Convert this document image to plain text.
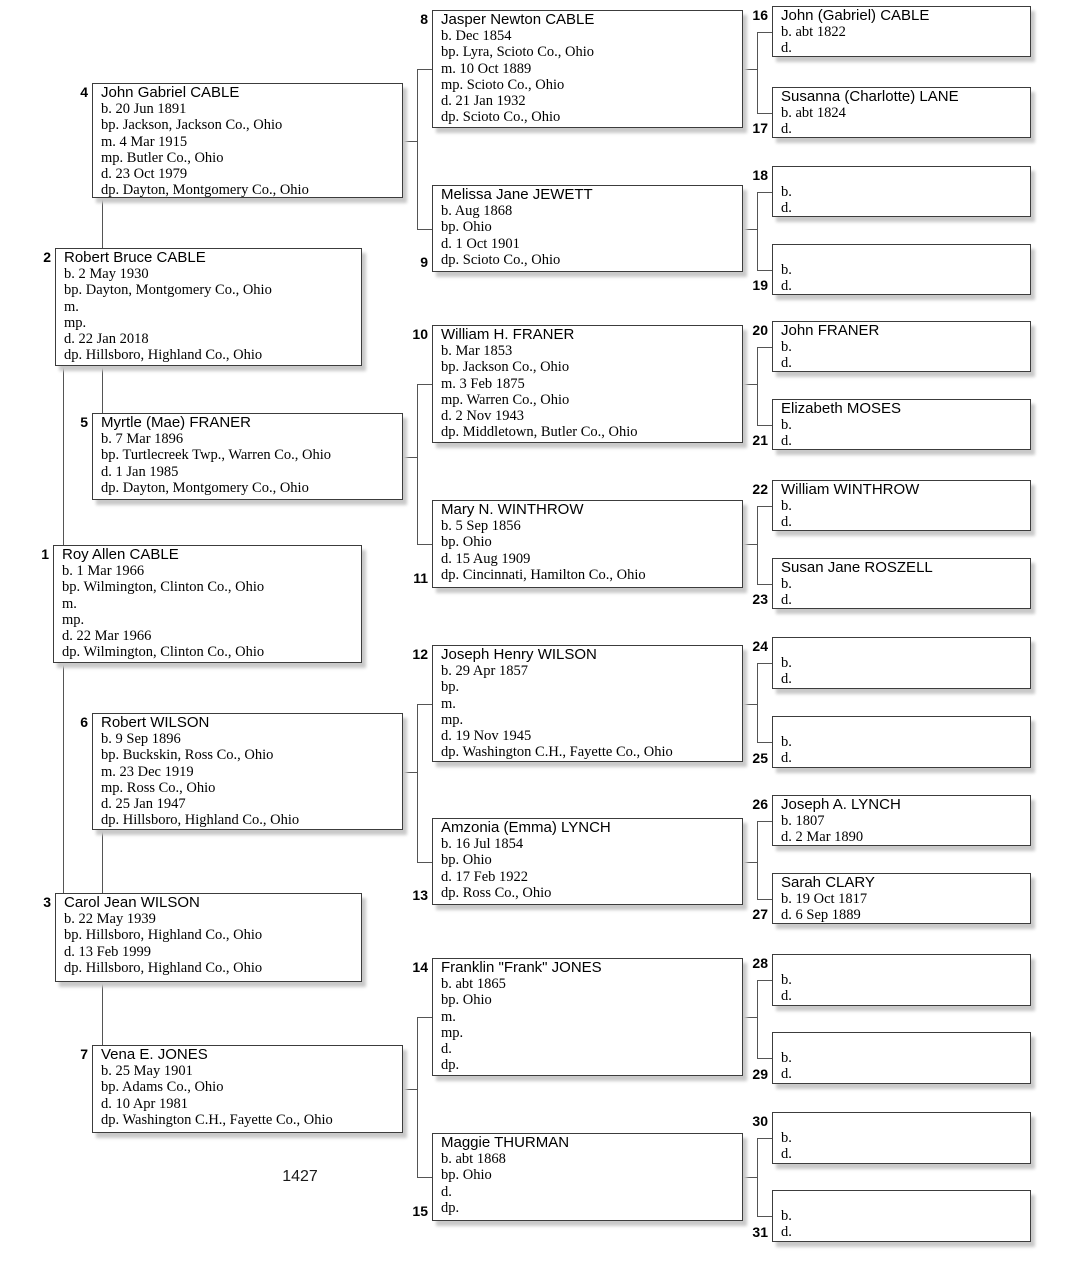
1427
Roy Allen CABLE
b. 1 Mar 1966
bp. Wilmington, Clinton Co., Ohio
m.
mp.
d. 22 Mar 1966
dp. Wilmington, Clinton Co., Ohio
1
Robert Bruce CABLE
b. 2 May 1930
bp. Dayton, Montgomery Co., Ohio
m.
mp.
d. 22 Jan 2018
dp. Hillsboro, Highland Co., Ohio
2
Carol Jean WILSON
b. 22 May 1939
bp. Hillsboro, Highland Co., Ohio
d. 13 Feb 1999
dp. Hillsboro, Highland Co., Ohio
3
John Gabriel CABLE
b. 20 Jun 1891
bp. Jackson, Jackson Co., Ohio
m. 4 Mar 1915
mp. Butler Co., Ohio
d. 23 Oct 1979
dp. Dayton, Montgomery Co., Ohio
4
Myrtle (Mae) FRANER
b. 7 Mar 1896
bp. Turtlecreek Twp., Warren Co., Ohio
d. 1 Jan 1985
dp. Dayton, Montgomery Co., Ohio
5
Robert WILSON
b. 9 Sep 1896
bp. Buckskin, Ross Co., Ohio
m. 23 Dec 1919
mp. Ross Co., Ohio
d. 25 Jan 1947
dp. Hillsboro, Highland Co., Ohio
6
Vena E. JONES
b. 25 May 1901
bp. Adams Co., Ohio
d. 10 Apr 1981
dp. Washington C.H., Fayette Co., Ohio
7
Jasper Newton CABLE
b. Dec 1854
bp. Lyra, Scioto Co., Ohio
m. 10 Oct 1889
mp. Scioto Co., Ohio
d. 21 Jan 1932
dp. Scioto Co., Ohio
8
Melissa Jane JEWETT
b. Aug 1868
bp. Ohio
d. 1 Oct 1901
dp. Scioto Co., Ohio
9
William H. FRANER
b. Mar 1853
bp. Jackson Co., Ohio
m. 3 Feb 1875
mp. Warren Co., Ohio
d. 2 Nov 1943
dp. Middletown, Butler Co., Ohio
10
Mary N. WINTHROW
b. 5 Sep 1856
bp. Ohio
d. 15 Aug 1909
dp. Cincinnati, Hamilton Co., Ohio
11
Joseph Henry WILSON
b. 29 Apr 1857
bp.
m.
mp.
d. 19 Nov 1945
dp. Washington C.H., Fayette Co., Ohio
12
Amzonia (Emma) LYNCH
b. 16 Jul 1854
bp. Ohio
d. 17 Feb 1922
dp. Ross Co., Ohio
13
Franklin "Frank" JONES
b. abt 1865
bp. Ohio
m.
mp.
d.
dp.
14
Maggie THURMAN
b. abt 1868
bp. Ohio
d.
dp.
15
John (Gabriel) CABLE
b. abt 1822
d.
16
Susanna (Charlotte) LANE
b. abt 1824
d.
17
b.
d.
18
b.
d.
19
John FRANER
b.
d.
20
Elizabeth MOSES
b.
d.
21
William WINTHROW
b.
d.
22
Susan Jane ROSZELL
b.
d.
23
b.
d.
24
b.
d.
25
Joseph A. LYNCH
b. 1807
d. 2 Mar 1890
26
Sarah CLARY
b. 19 Oct 1817
d. 6 Sep 1889
27
b.
d.
28
b.
d.
29
b.
d.
30
b.
d.
31
